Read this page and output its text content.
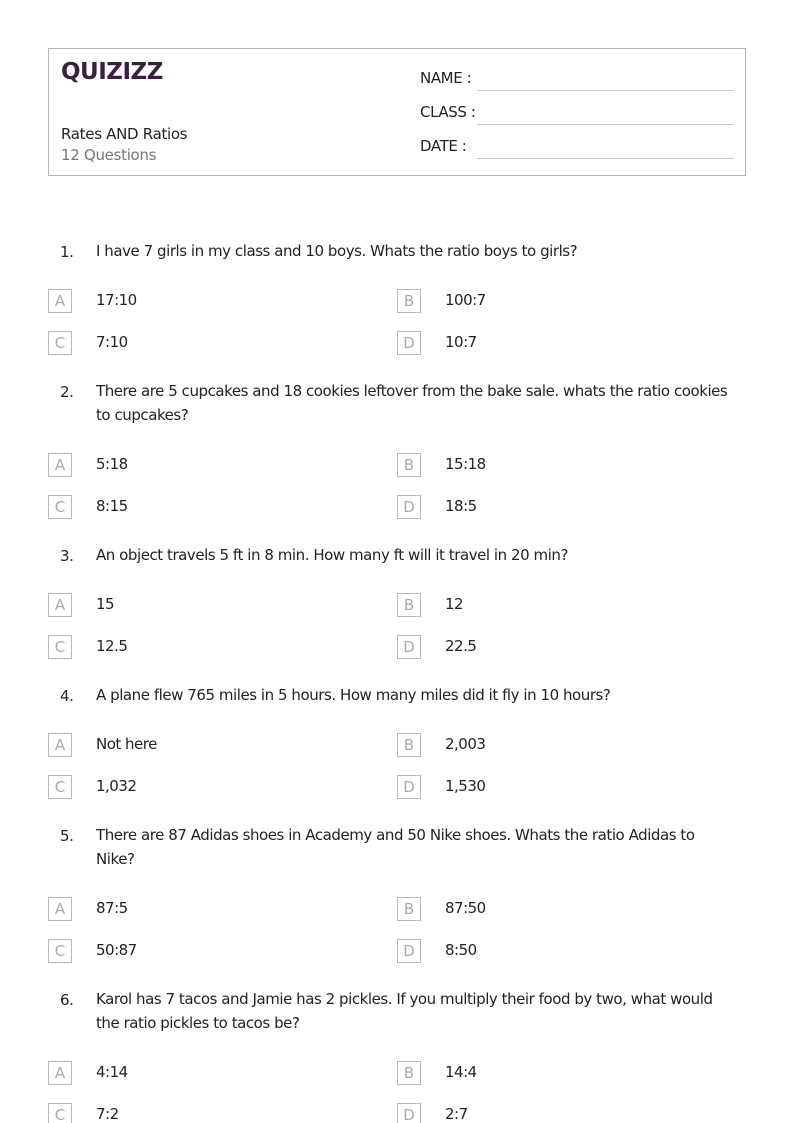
QUIZIZZ
Rates AND Ratios
12 Questions
NAME :
CLASS :
DATE :
1. I have 7 girls in my class and 10 boys. Whats the ratio boys to girls?
A	17:10	B	100:7
C	7:10	D	10:7
2. There are 5 cupcakes and 18 cookies leftover from the bake sale. whats the ratio cookies to cupcakes?
A	5:18	B	15:18
C	8:15	D	18:5
3. An object travels 5 ft in 8 min. How many ft will it travel in 20 min?
A	15	B	12
C	12.5	D	22.5
4. A plane flew 765 miles in 5 hours. How many miles did it fly in 10 hours?
A	Not here	B	2,003
C	1,032	D	1,530
5. There are 87 Adidas shoes in Academy and 50 Nike shoes. Whats the ratio Adidas to Nike?
A	87:5	B	87:50
C	50:87	D	8:50
6. Karol has 7 tacos and Jamie has 2 pickles. If you multiply their food by two, what would the ratio pickles to tacos be?
A	4:14	B	14:4
C	7:2	D	2:7
